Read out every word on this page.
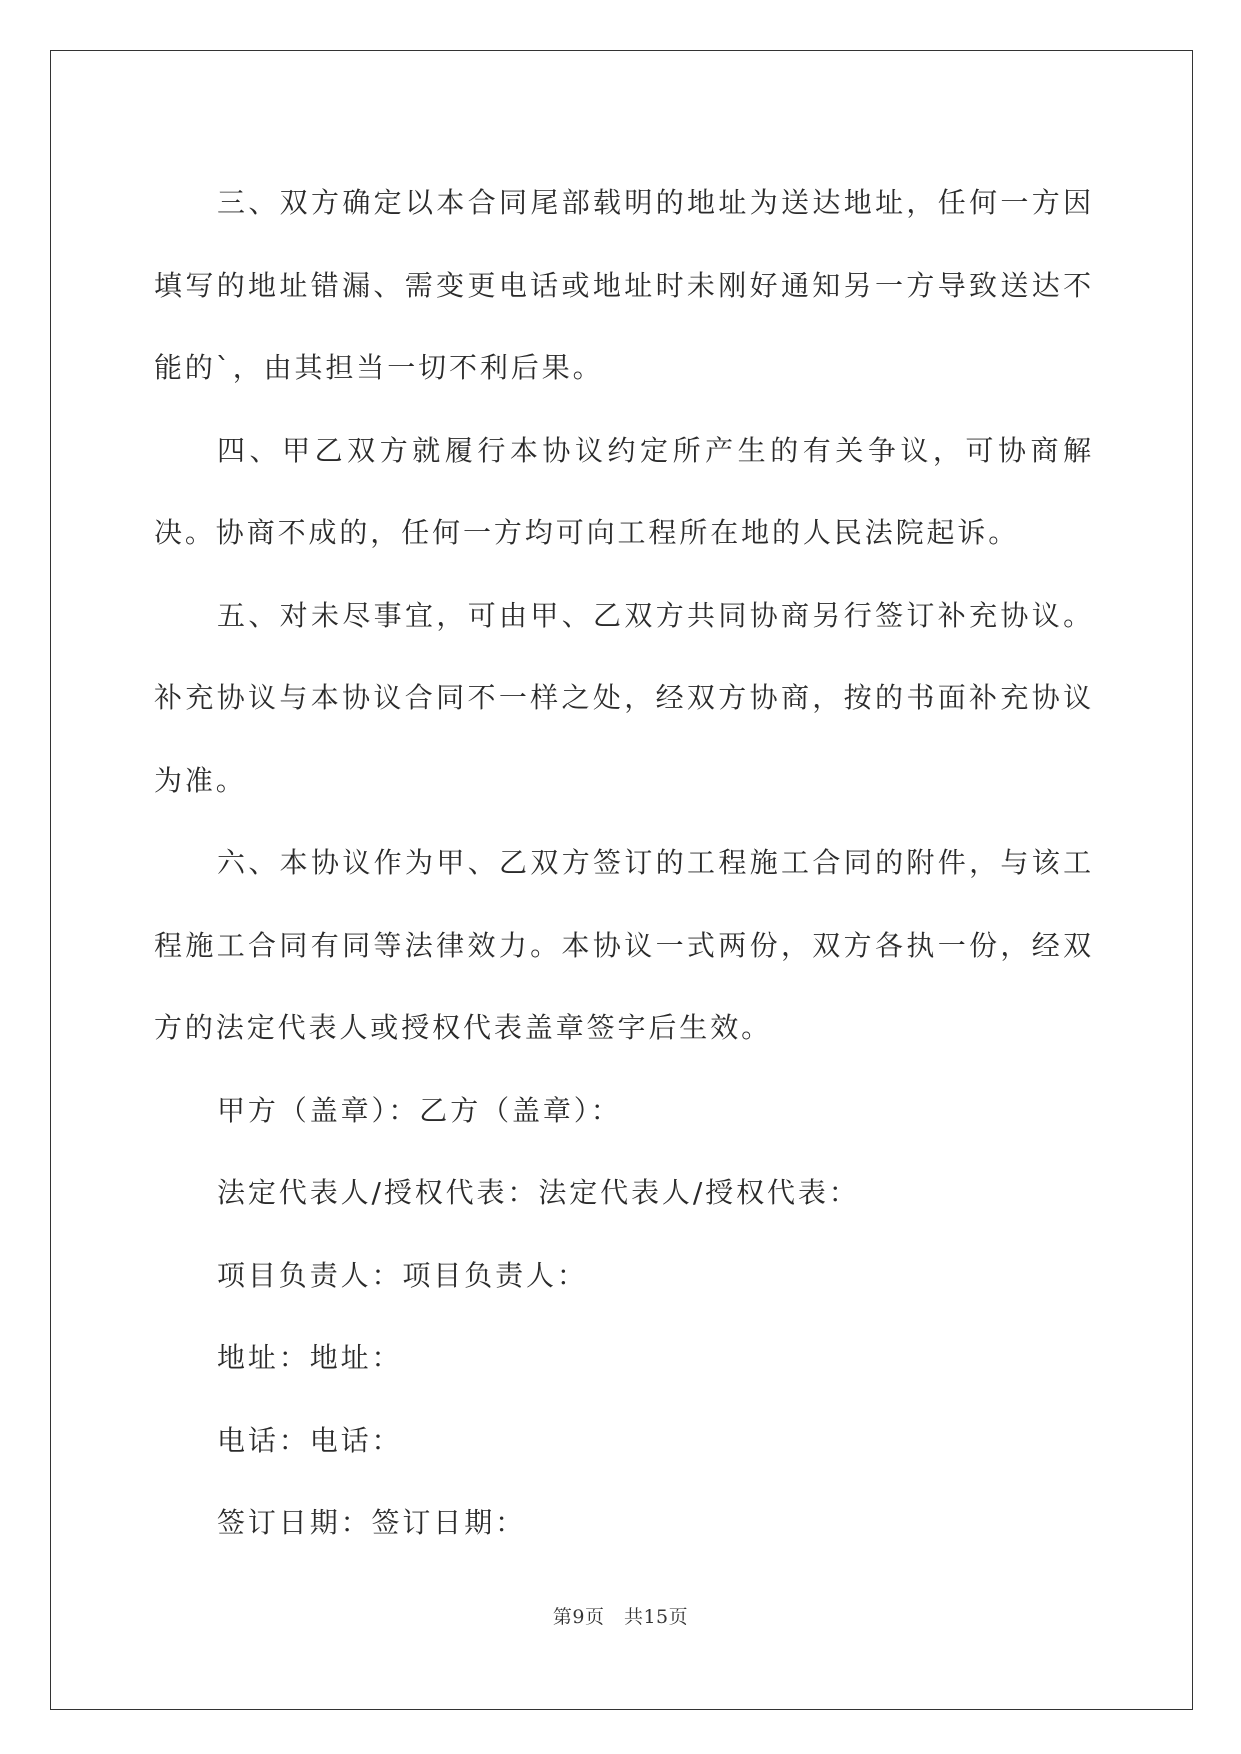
三、双方确定以本合同尾部载明的地址为送达地址，任何一方因填写的地址错漏、需变更电话或地址时未刚好通知另一方导致送达不能的`，由其担当一切不利后果。

四、甲乙双方就履行本协议约定所产生的有关争议，可协商解决。协商不成的，任何一方均可向工程所在地的人民法院起诉。

五、对未尽事宜，可由甲、乙双方共同协商另行签订补充协议。补充协议与本协议合同不一样之处，经双方协商，按的书面补充协议为准。

六、本协议作为甲、乙双方签订的工程施工合同的附件，与该工程施工合同有同等法律效力。本协议一式两份，双方各执一份，经双方的法定代表人或授权代表盖章签字后生效。

甲方（盖章）：乙方（盖章）：

法定代表人/授权代表：法定代表人/授权代表：

项目负责人：项目负责人：

地址：地址：

电话：电话：

签订日期：签订日期：

第9页　共15页
